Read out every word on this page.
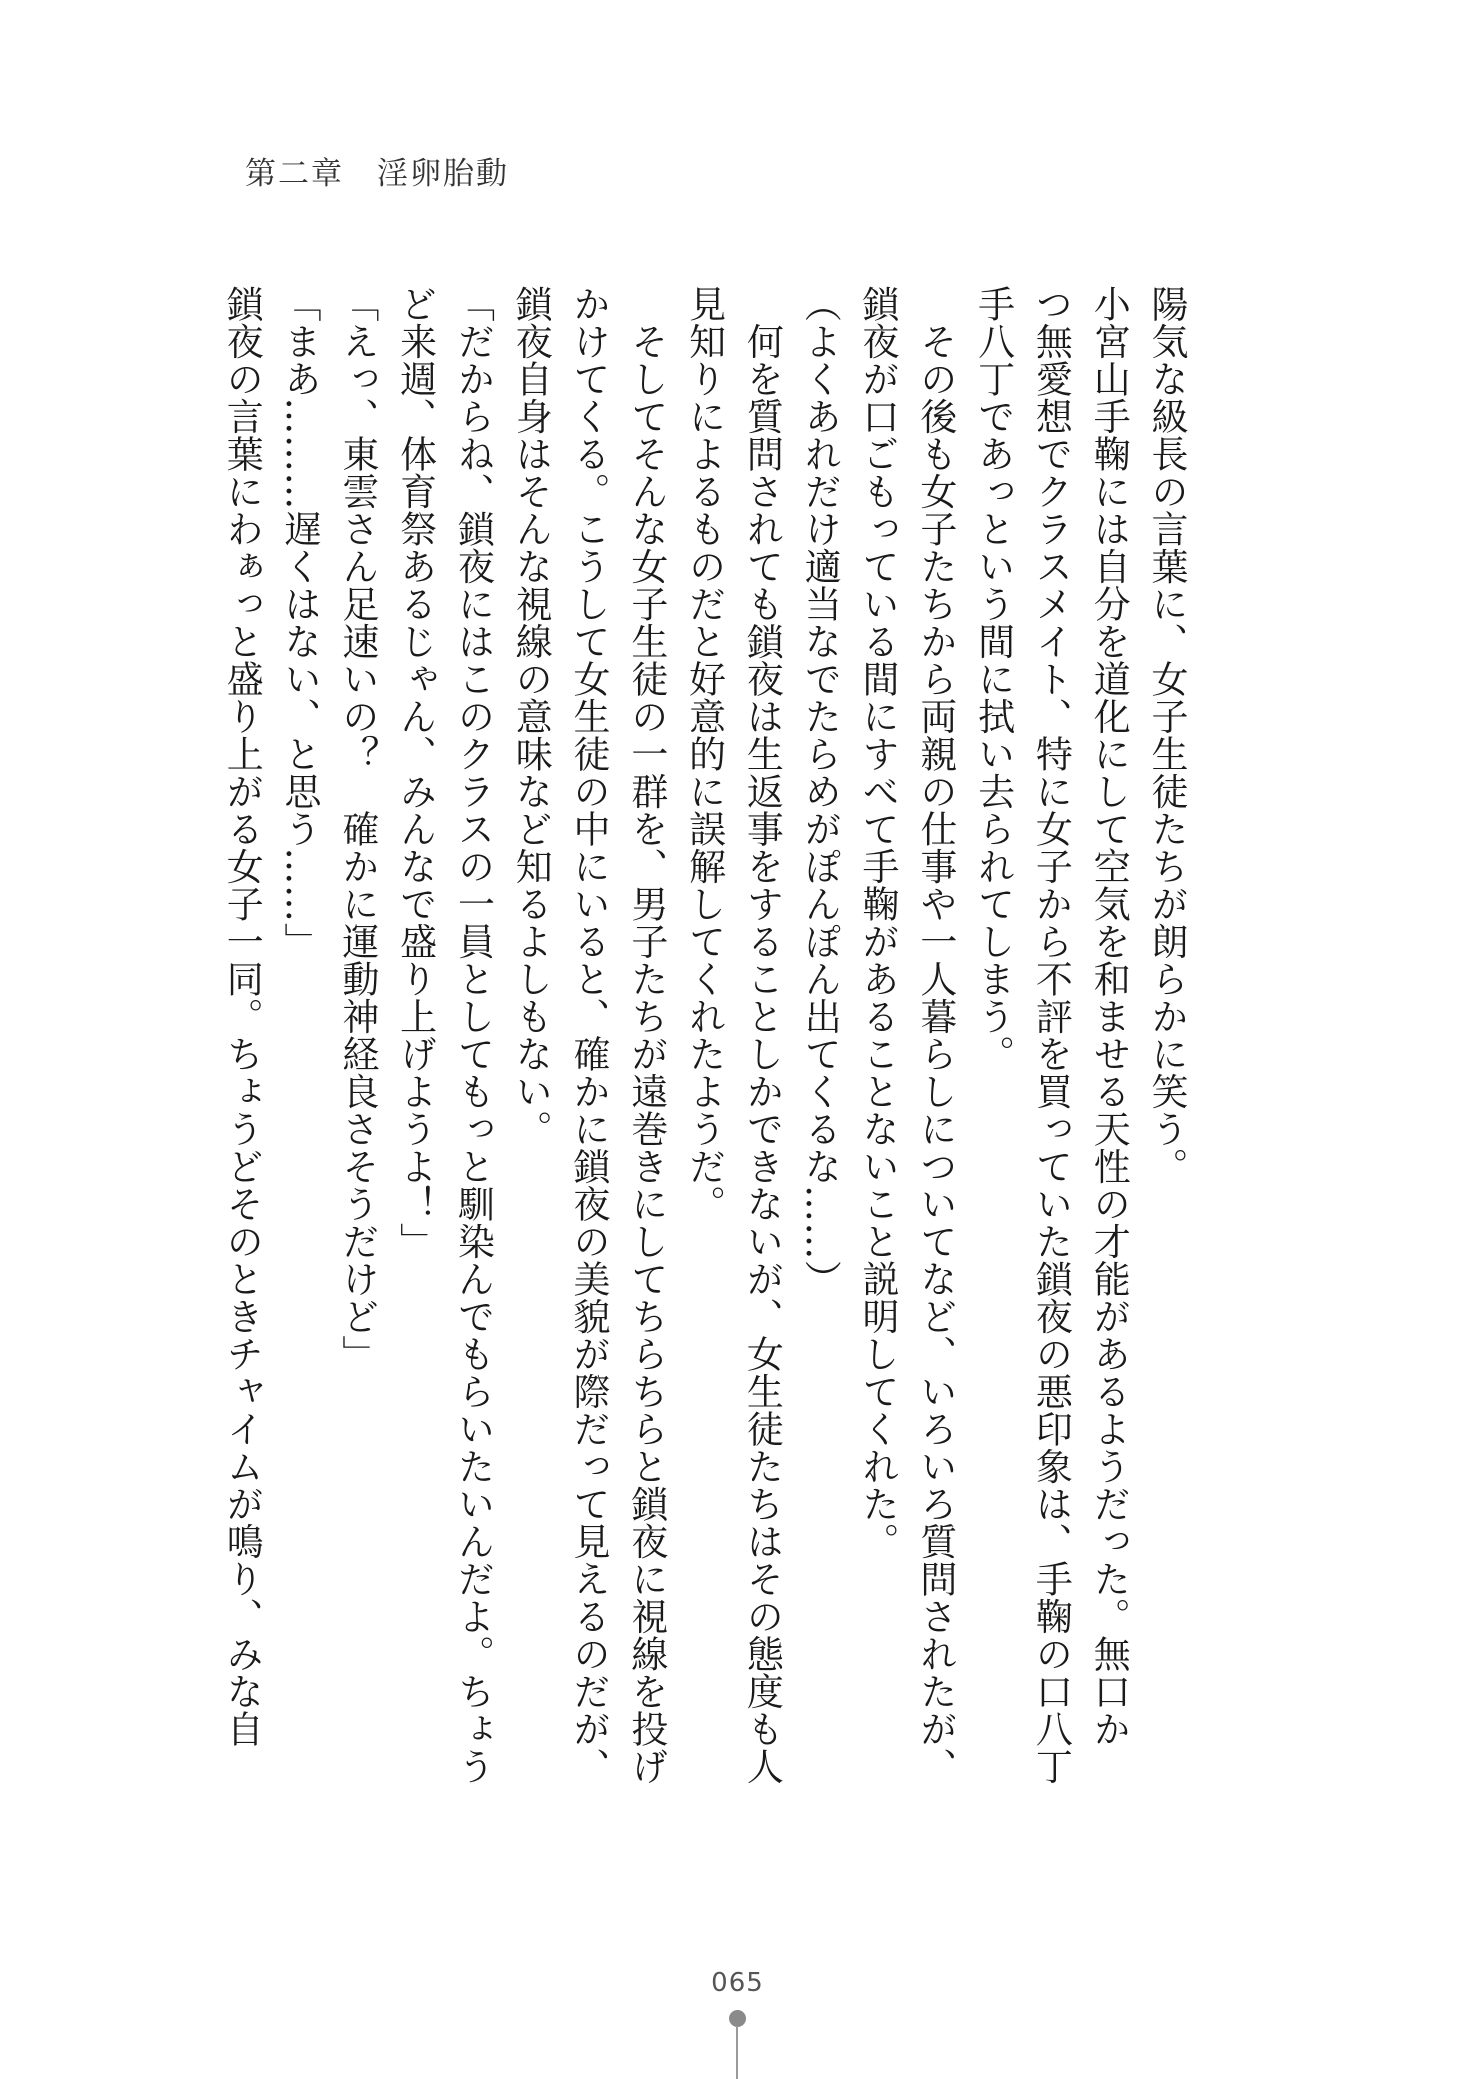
第二章　淫卵胎動

陽気な級長の言葉に、女子生徒たちが朗らかに笑う。

小宮山手鞠には自分を道化にして空気を和ませる天性の才能があるようだった。無口か

つ無愛想でクラスメイト、特に女子から不評を買っていた鎖夜の悪印象は、手鞠の口八丁

手八丁であっという間に拭い去られてしまう。

　その後も女子たちから両親の仕事や一人暮らしについてなど、いろいろ質問されたが、

鎖夜が口ごもっている間にすべて手鞠があることないこと説明してくれた。

（よくあれだけ適当なでたらめがぽんぽん出てくるな……）

　何を質問されても鎖夜は生返事をすることしかできないが、女生徒たちはその態度も人

見知りによるものだと好意的に誤解してくれたようだ。

　そしてそんな女子生徒の一群を、男子たちが遠巻きにしてちらちらと鎖夜に視線を投げ

かけてくる。こうして女生徒の中にいると、確かに鎖夜の美貌が際だって見えるのだが、

鎖夜自身はそんな視線の意味など知るよしもない。

「だからね、鎖夜にはこのクラスの一員としてもっと馴染んでもらいたいんだよ。ちょう

ど来週、体育祭あるじゃん、みんなで盛り上げようよ！」

「えっ、東雲さん足速いの？　確かに運動神経良さそうだけど」

「まあ………遅くはない、と思う……」

鎖夜の言葉にわぁっと盛り上がる女子一同。ちょうどそのときチャイムが鳴り、みな自

065
